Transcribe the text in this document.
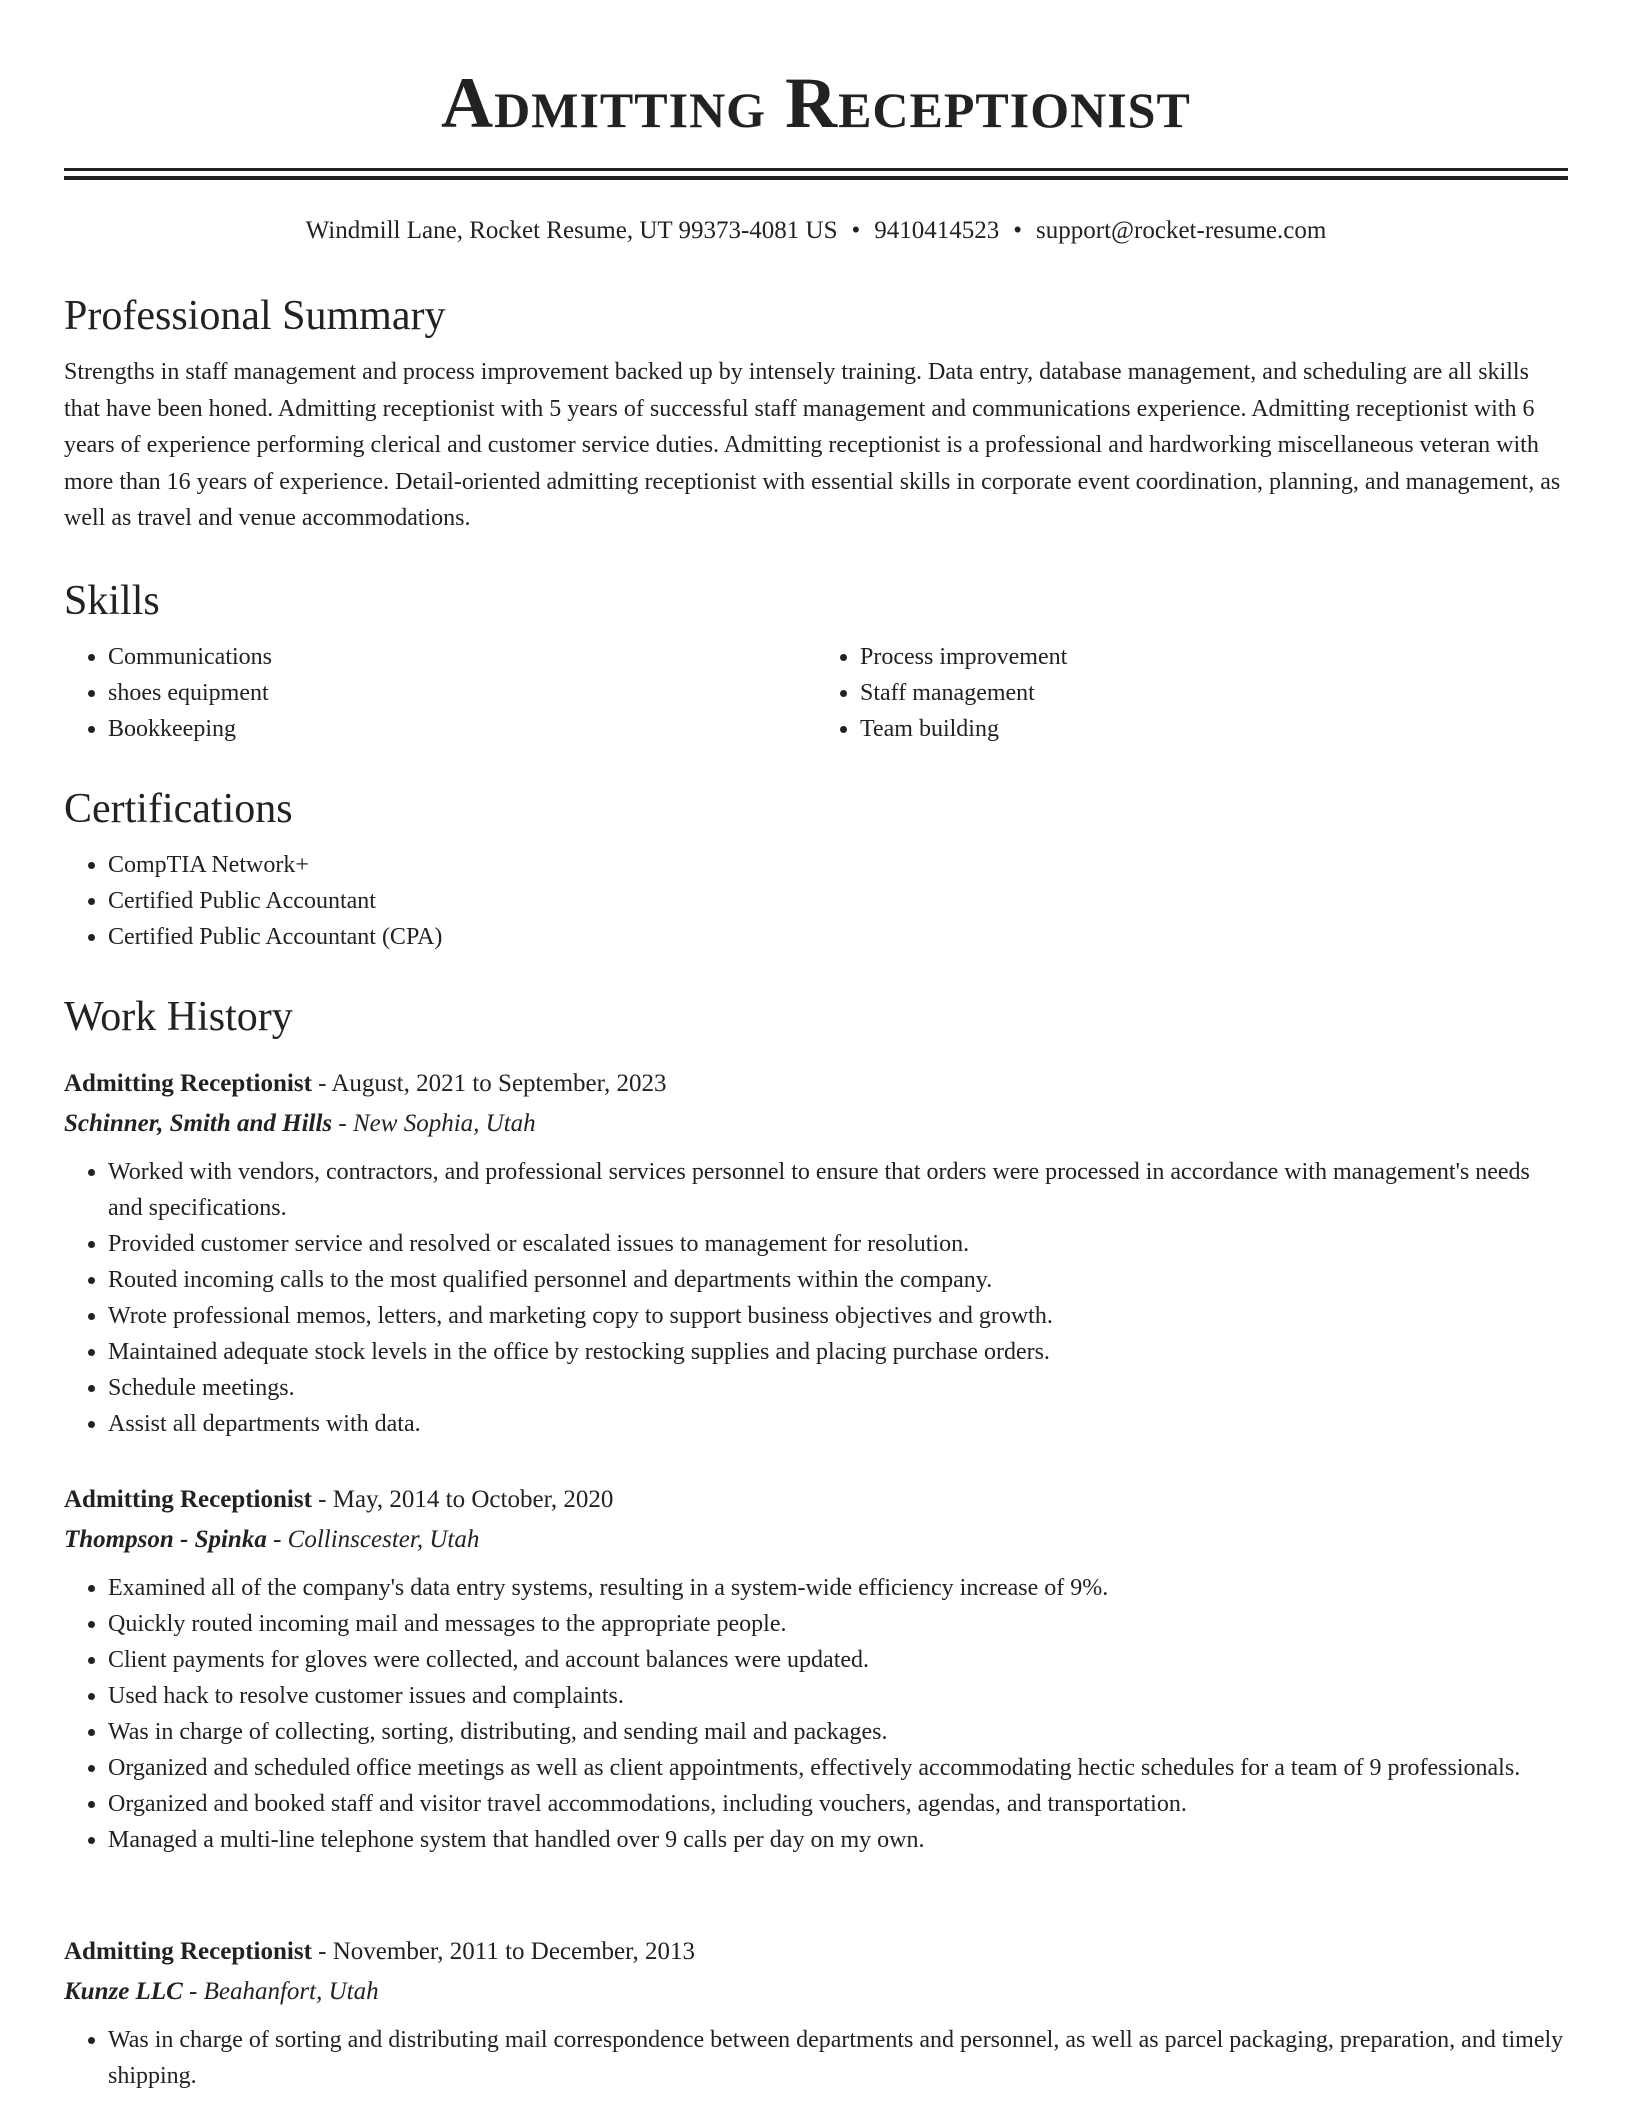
Admitting Receptionist
Windmill Lane, Rocket Resume, UT 99373-4081 US • 9410414523 • support@rocket-resume.com
Professional Summary

Strengths in staff management and process improvement backed up by intensely training. Data entry, database management, and scheduling are all skills that have been honed. Admitting receptionist with 5 years of successful staff management and communications experience. Admitting receptionist with 6 years of experience performing clerical and customer service duties. Admitting receptionist is a professional and hardworking miscellaneous veteran with more than 16 years of experience. Detail-oriented admitting receptionist with essential skills in corporate event coordination, planning, and management, as well as travel and venue accommodations.

Skills
• Communications
• shoes equipment
• Bookkeeping
• Process improvement
• Staff management
• Team building
Certifications
• CompTIA Network+
• Certified Public Accountant
• Certified Public Accountant (CPA)
Work History
Admitting Receptionist - August, 2021 to September, 2023
Schinner, Smith and Hills - New Sophia, Utah
• Worked with vendors, contractors, and professional services personnel to ensure that orders were processed in accordance with management's needs and specifications.
• Provided customer service and resolved or escalated issues to management for resolution.
• Routed incoming calls to the most qualified personnel and departments within the company.
• Wrote professional memos, letters, and marketing copy to support business objectives and growth.
• Maintained adequate stock levels in the office by restocking supplies and placing purchase orders.
• Schedule meetings.
• Assist all departments with data.
Admitting Receptionist - May, 2014 to October, 2020
Thompson - Spinka - Collinscester, Utah
• Examined all of the company's data entry systems, resulting in a system-wide efficiency increase of 9%.
• Quickly routed incoming mail and messages to the appropriate people.
• Client payments for gloves were collected, and account balances were updated.
• Used hack to resolve customer issues and complaints.
• Was in charge of collecting, sorting, distributing, and sending mail and packages.
• Organized and scheduled office meetings as well as client appointments, effectively accommodating hectic schedules for a team of 9 professionals.
• Organized and booked staff and visitor travel accommodations, including vouchers, agendas, and transportation.
• Managed a multi-line telephone system that handled over 9 calls per day on my own.
Admitting Receptionist - November, 2011 to December, 2013
Kunze LLC - Beahanfort, Utah
• Was in charge of sorting and distributing mail correspondence between departments and personnel, as well as parcel packaging, preparation, and timely shipping.
